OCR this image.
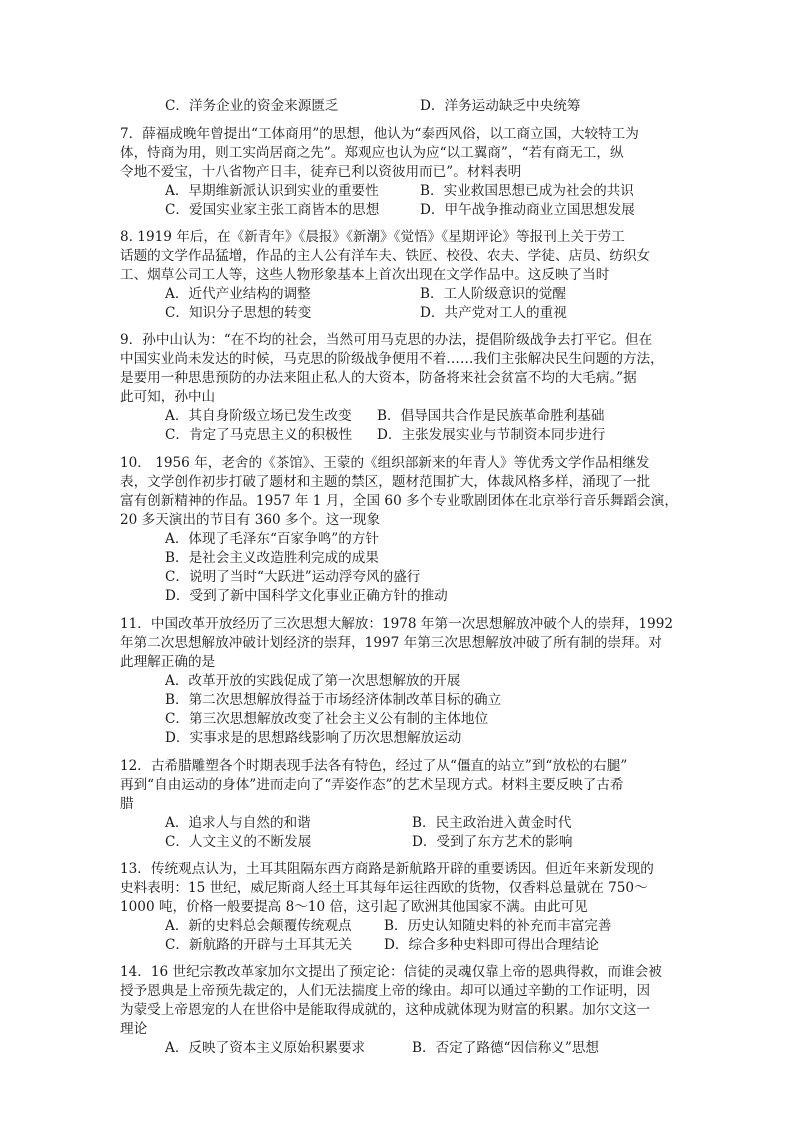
C．洋务企业的资金来源匮乏	D．洋务运动缺乏中央统筹
7．薛福成晚年曾提出“工体商用”的思想，他认为“泰西风俗，以工商立国，大较特工为
体，恃商为用，则工实尚居商之先”。郑观应也认为应“以工翼商”，“若有商无工，纵
令地不爱宝，十八省物产日丰，徒弃已利以资彼用而已”。材料表明
A．早期维新派认识到实业的重要性	B．实业救国思想已成为社会的共识
C．爱国实业家主张工商皆本的思想	D．甲午战争推动商业立国思想发展
8. 1919 年后，在《新青年》《晨报》《新潮》《觉悟》《星期评论》等报刊上关于劳工
话题的文学作品猛增，作品的主人公有洋车夫、铁匠、校役、农夫、学徒、店员、纺织女
工、烟草公司工人等，这些人物形象基本上首次出现在文学作品中。这反映了当时
A．近代产业结构的调整	B．工人阶级意识的觉醒
C．知识分子思想的转变	D．共产党对工人的重视
9．孙中山认为：“在不均的社会，当然可用马克思的办法，提倡阶级战争去打平它。但在
中国实业尚未发达的时候，马克思的阶级战争便用不着……我们主张解决民生问题的方法，
是要用一种思患预防的办法来阻止私人的大资本，防备将来社会贫富不均的大毛病。”据
此可知，孙中山
A．其自身阶级立场已发生改变 B．倡导国共合作是民族革命胜利基础
C．肯定了马克思主义的积极性 D．主张发展实业与节制资本同步进行
10． 1956 年，老舍的《茶馆》、王蒙的《组织部新来的年青人》等优秀文学作品相继发
表，文学创作初步打破了题材和主题的禁区，题材范围扩大，体裁风格多样，涌现了一批
富有创新精神的作品。1957 年 1 月，全国 60 多个专业歌剧团体在北京举行音乐舞蹈会演，
20 多天演出的节目有 360 多个。这一现象
A．体现了毛泽东“百家争鸣”的方针
B．是社会主义改造胜利完成的成果
C．说明了当时“大跃进”运动浮夸风的盛行
D．受到了新中国科学文化事业正确方针的推动
11．中国改革开放经历了三次思想大解放：1978 年第一次思想解放冲破个人的崇拜，1992
年第二次思想解放冲破计划经济的崇拜，1997 年第三次思想解放冲破了所有制的崇拜。对
此理解正确的是
A．改革开放的实践促成了第一次思想解放的开展
B．第二次思想解放得益于市场经济体制改革目标的确立
C．第三次思想解放改变了社会主义公有制的主体地位
D．实事求是的思想路线影响了历次思想解放运动
12．古希腊雕塑各个时期表现手法各有特色，经过了从“僵直的站立”到“放松的右腿”
再到“自由运动的身体”进而走向了“弄姿作态”的艺术呈现方式。材料主要反映了古希
腊
A．追求人与自然的和谐	B．民主政治进入黄金时代
C．人文主义的不断发展	D．受到了东方艺术的影响
13．传统观点认为，土耳其阻隔东西方商路是新航路开辟的重要诱因。但近年来新发现的
史料表明：15 世纪，威尼斯商人经土耳其每年运往西欧的货物，仅香料总量就在 750～
1000 吨，价格一般要提高 8～10 倍，这引起了欧洲其他国家不满。由此可见
A．新的史料总会颠覆传统观点 B．历史认知随史料的补充而丰富完善
C．新航路的开辟与土耳其无关 D．综合多种史料即可得出合理结论
14．16 世纪宗教改革家加尔文提出了预定论：信徒的灵魂仅靠上帝的恩典得救，而谁会被
授予恩典是上帝预先裁定的，人们无法揣度上帝的缘由。却可以通过辛勤的工作证明，因
为蒙受上帝恩宠的人在世俗中是能取得成就的，这种成就体现为财富的积累。加尔文这一
理论
A．反映了资本主义原始积累要求	B．否定了路德“因信称义”思想
